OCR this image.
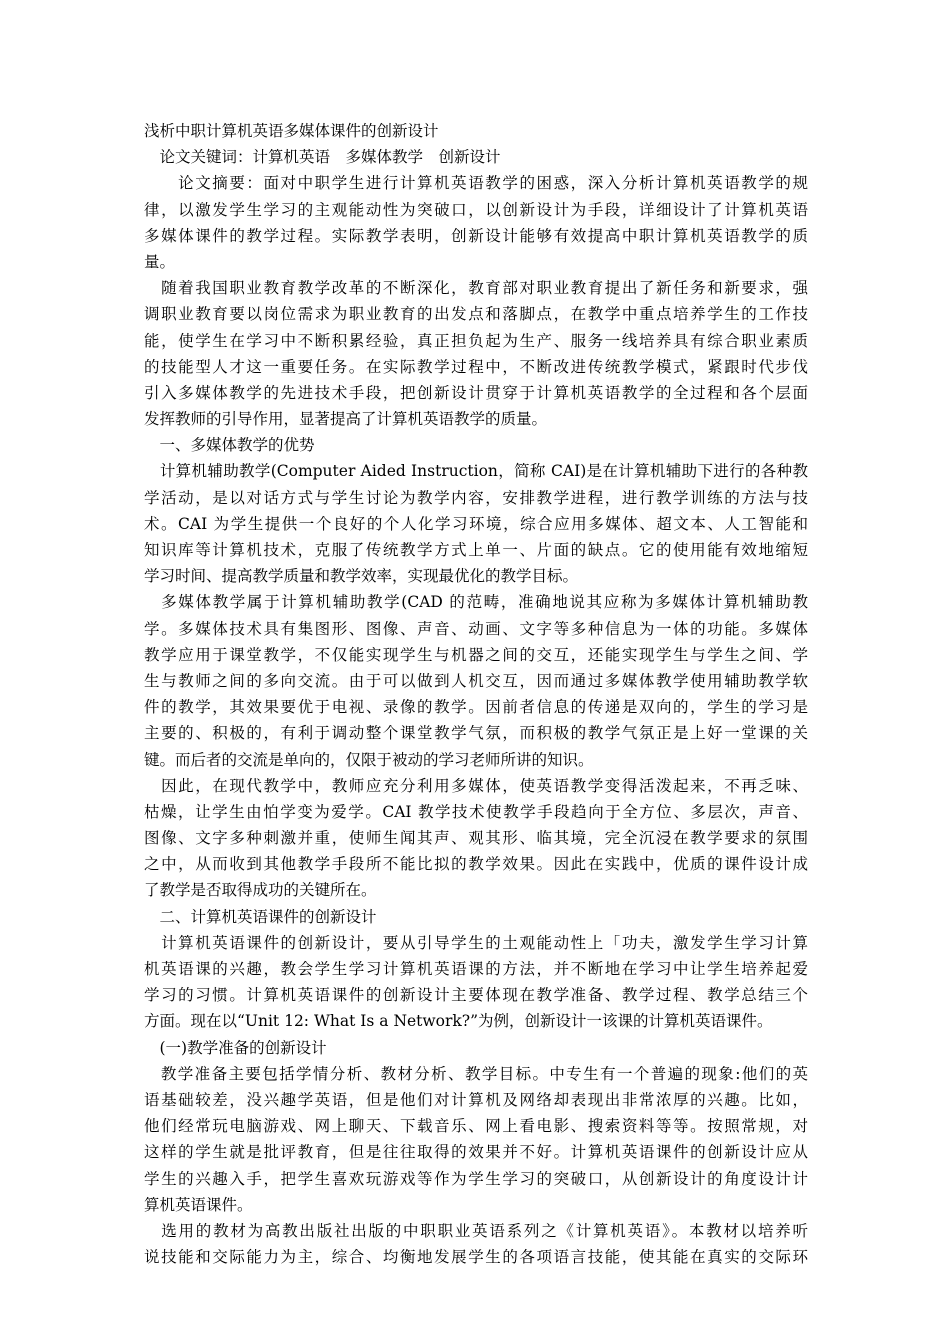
浅析中职计算机英语多媒体课件的创新设计
　论文关键词：计算机英语　多媒体教学　创新设计
　　论文摘要：面对中职学生进行计算机英语教学的困惑，深入分析计算机英语教学的规
律，以激发学生学习的主观能动性为突破口，以创新设计为手段，详细设计了计算机英语
多媒体课件的教学过程。实际教学表明，创新设计能够有效提高中职计算机英语教学的质
量。
　随着我国职业教育教学改革的不断深化，教育部对职业教育提出了新任务和新要求，强
调职业教育要以岗位需求为职业教育的出发点和落脚点，在教学中重点培养学生的工作技
能，使学生在学习中不断积累经验，真正担负起为生产、服务一线培养具有综合职业素质
的技能型人才这一重要任务。在实际教学过程中，不断改进传统教学模式，紧跟时代步伐
引入多媒体教学的先进技术手段，把创新设计贯穿于计算机英语教学的全过程和各个层面
发挥教师的引导作用，显著提高了计算机英语教学的质量。
　一、多媒体教学的优势
　计算机辅助教学(Computer Aided Instruction，简称 CAI)是在计算机辅助下进行的各种教
学活动，是以对话方式与学生讨论为教学内容，安排教学进程，进行教学训练的方法与技
术。CAI 为学生提供一个良好的个人化学习环境，综合应用多媒体、超文本、人工智能和
知识库等计算机技术，克服了传统教学方式上单一、片面的缺点。它的使用能有效地缩短
学习时间、提高教学质量和教学效率，实现最优化的教学目标。
　多媒体教学属于计算机辅助教学(CAD 的范畴，准确地说其应称为多媒体计算机辅助教
学。多媒体技术具有集图形、图像、声音、动画、文字等多种信息为一体的功能。多媒体
教学应用于课堂教学，不仅能实现学生与机器之间的交互，还能实现学生与学生之间、学
生与教师之间的多向交流。由于可以做到人机交互，因而通过多媒体教学使用辅助教学软
件的教学，其效果要优于电视、录像的教学。因前者信息的传递是双向的，学生的学习是
主要的、积极的，有利于调动整个课堂教学气氛，而积极的教学气氛正是上好一堂课的关
键。而后者的交流是单向的，仅限于被动的学习老师所讲的知识。
　因此，在现代教学中，教师应充分利用多媒体，使英语教学变得活泼起来，不再乏味、
枯燥，让学生由怕学变为爱学。CAI 教学技术使教学手段趋向于全方位、多层次，声音、
图像、文字多种刺激并重，使师生闻其声、观其形、临其境，完全沉浸在教学要求的氛围
之中，从而收到其他教学手段所不能比拟的教学效果。因此在实践中，优质的课件设计成
了教学是否取得成功的关键所在。
　二、计算机英语课件的创新设计
　计算机英语课件的创新设计，要从引导学生的土观能动性上「功夫，激发学生学习计算
机英语课的兴趣，教会学生学习计算机英语课的方法，并不断地在学习中让学生培养起爱
学习的习惯。计算机英语课件的创新设计主要体现在教学准备、教学过程、教学总结三个
方面。现在以“Unit 12: What Is a Network?”为例，创新设计一该课的计算机英语课件。
　(一)教学准备的创新设计
　教学准备主要包括学情分析、教材分析、教学目标。中专生有一个普遍的现象:他们的英
语基础较差，没兴趣学英语，但是他们对计算机及网络却表现出非常浓厚的兴趣。比如，
他们经常玩电脑游戏、网上聊天、下载音乐、网上看电影、搜索资料等等。按照常规，对
这样的学生就是批评教育，但是往往取得的效果并不好。计算机英语课件的创新设计应从
学生的兴趣入手，把学生喜欢玩游戏等作为学生学习的突破口，从创新设计的角度设计计
算机英语课件。
　选用的教材为高教出版社出版的中职职业英语系列之《计算机英语》。本教材以培养听
说技能和交际能力为主，综合、均衡地发展学生的各项语言技能，使其能在真实的交际环
